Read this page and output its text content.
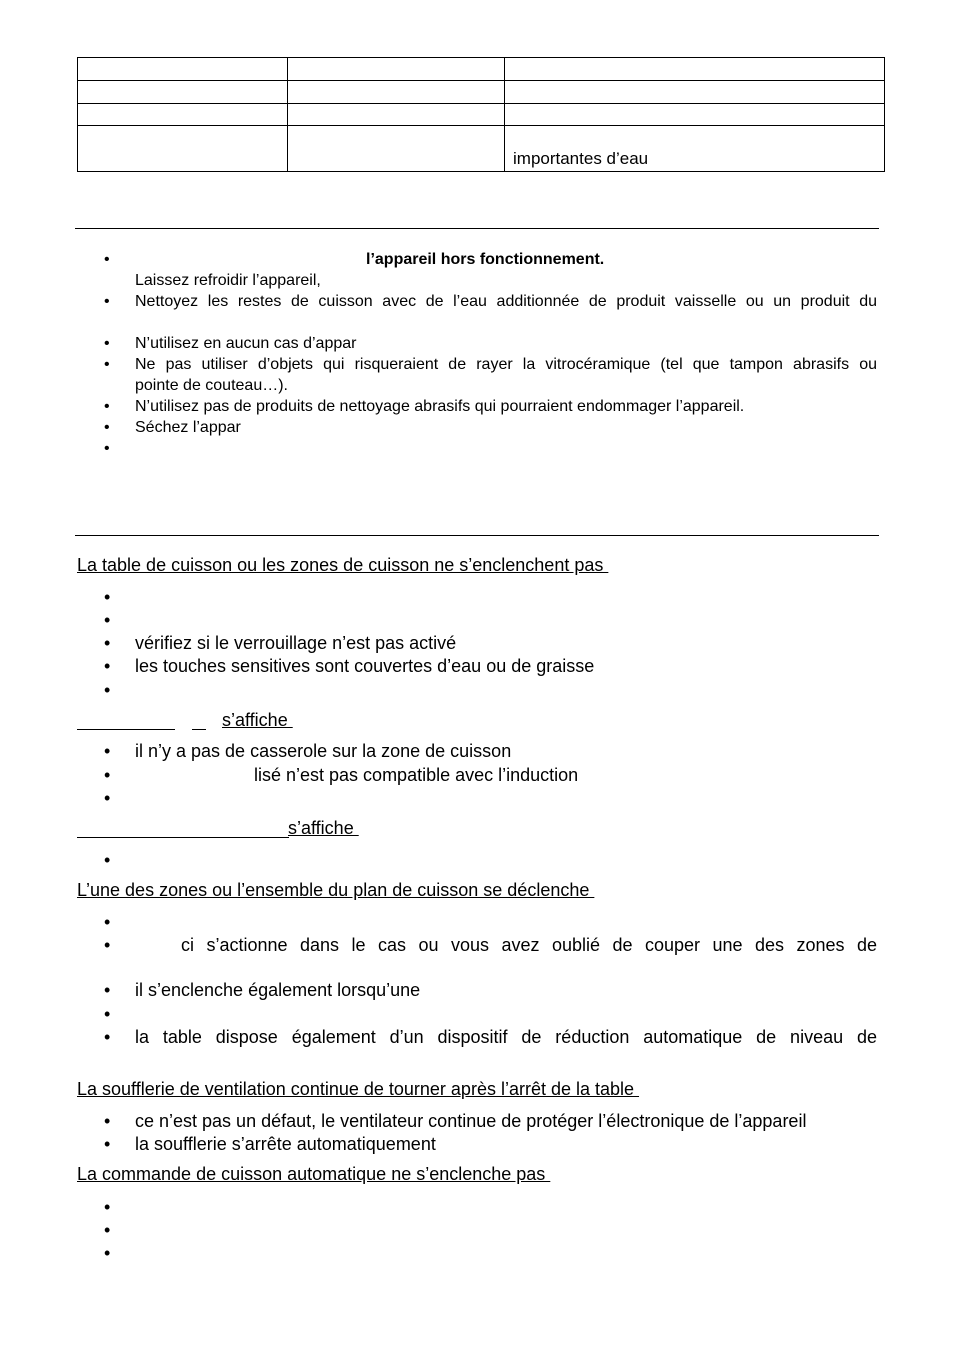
		importantes d’eau
•	l’appareil hors fonctionnement.
Laissez refroidir l’appareil,
• Nettoyez les restes de cuisson avec de l’eau additionnée de produit vaisselle ou un produit du
• N’utilisez en aucun cas d’appar
• Ne pas utiliser d’objets qui risqueraient de rayer la vitrocéramique (tel que tampon abrasifs ou
pointe de couteau…).
• N’utilisez pas de produits de nettoyage abrasifs qui pourraient endommager l’appareil.
• Séchez l’appar
•
La table de cuisson ou les zones de cuisson ne s’enclenchent pas
•
•
• vérifiez si le verrouillage n’est pas activé
• les touches sensitives sont couvertes d’eau ou de graisse
•
s’affiche
• il n’y a pas de casserole sur la zone de cuisson
•	lisé n’est pas compatible avec l’induction
•
s’affiche
•
L’une des zones ou l’ensemble du plan de cuisson se déclenche
•
•	ci s’actionne dans le cas ou vous avez oublié de couper une des zones de
• il s’enclenche également lorsqu’une
•
• la table dispose également d’un dispositif de réduction automatique de niveau de
La soufflerie de ventilation continue de tourner après l’arrêt de la table
• ce n’est pas un défaut, le ventilateur continue de protéger l’électronique de l’appareil
• la soufflerie s’arrête automatiquement
La commande de cuisson automatique ne s’enclenche pas
•
•
•
